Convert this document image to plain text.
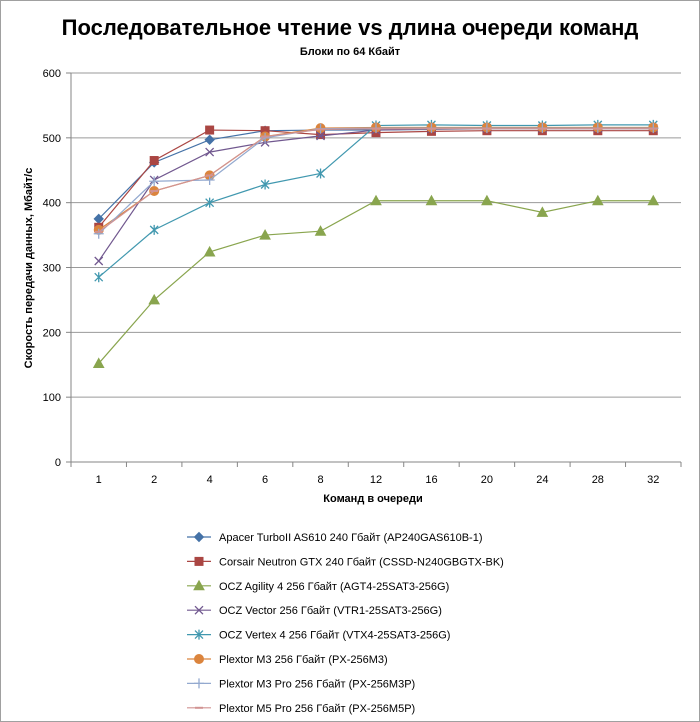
Последовательное чтение vs длина очереди команд
Блоки по 64 Кбайт
0
100
200
300
400
500
600
1	2	4	6	8	12	16	20	24	28	32
Команд в очереди
Скорость передачи данных, Мбайт/с
Apacer TurboII AS610 240 Гбайт (AP240GAS610B-1)
Corsair Neutron GTX 240 Гбайт (CSSD-N240GBGTX-BK)
OCZ Agility 4 256 Гбайт (AGT4-25SAT3-256G)
OCZ Vector 256 Гбайт (VTR1-25SAT3-256G)
OCZ Vertex 4 256 Гбайт (VTX4-25SAT3-256G)
Plextor M3 256 Гбайт (PX-256M3)
Plextor M3 Pro 256 Гбайт (PX-256M3P)
Plextor M5 Pro 256 Гбайт (PX-256M5P)
